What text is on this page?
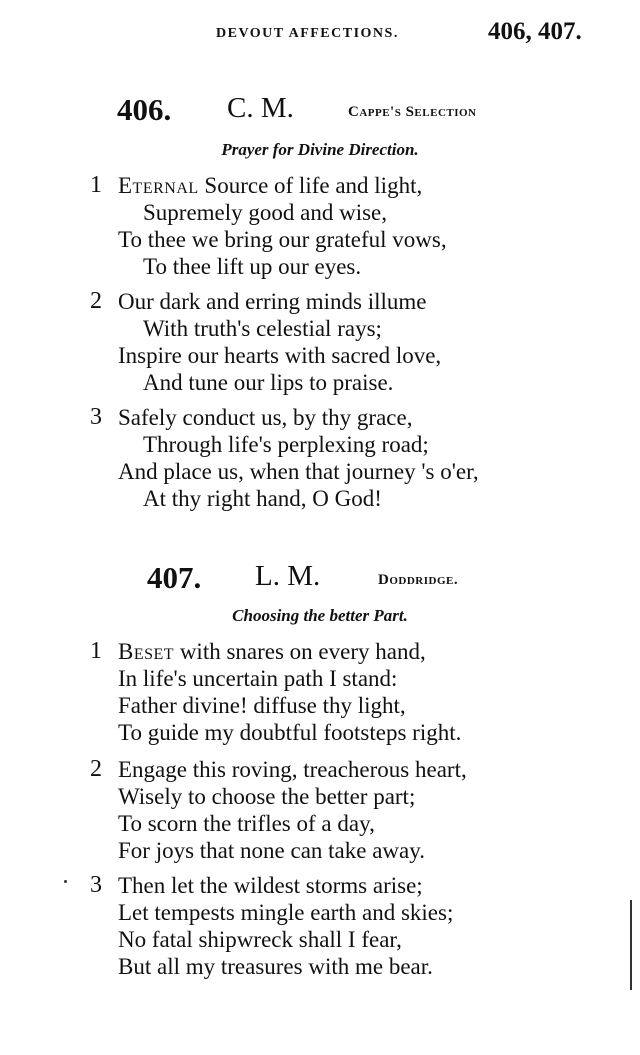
DEVOUT AFFECTIONS.	406, 407.
406. C. M.	Cappe's Selection
Prayer for Divine Direction.
1 Eternal Source of life and light,
Supremely good and wise,
To thee we bring our grateful vows,
To thee lift up our eyes.
2 Our dark and erring minds illume
With truth's celestial rays;
Inspire our hearts with sacred love,
And tune our lips to praise.
3 Safely conduct us, by thy grace,
Through life's perplexing road;
And place us, when that journey 's o'er,
At thy right hand, O God!
407. L. M.	Doddridge.
Choosing the better Part.
1 Beset with snares on every hand,
In life's uncertain path I stand:
Father divine! diffuse thy light,
To guide my doubtful footsteps right.
2 Engage this roving, treacherous heart,
Wisely to choose the better part;
To scorn the trifles of a day,
For joys that none can take away.
3 Then let the wildest storms arise;
Let tempests mingle earth and skies;
No fatal shipwreck shall I fear,
But all my treasures with me bear.
